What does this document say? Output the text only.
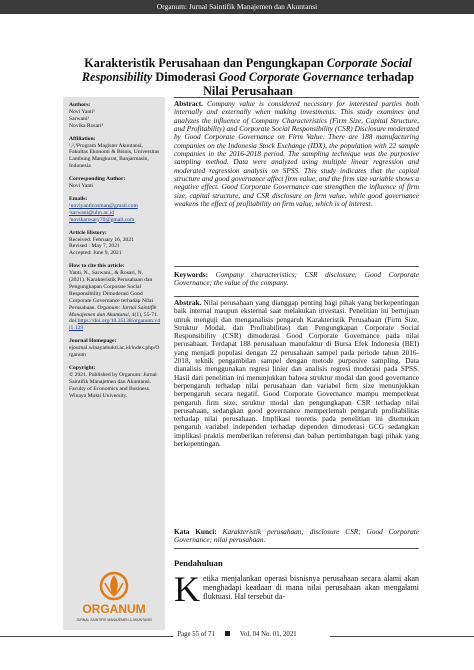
Organum: Jurnal Saintifik Manajemen dan Akuntansi
Karakteristik Perusahaan dan Pengungkapan Corporate Social Responsibility Dimoderasi Good Corporate Governance terhadap Nilai Perusahaan
Authors:

Novi Yanti¹

Sarwani²

Novika Rosari³

Affiliation:

¹,²,³Program Magister Akuntansi, Fakultas Ekonomi & Bisnis, Universitas Lambung Mangkurat, Banjarmasin, Indonesia

Corresponding Author:

Novi Yanti

Emails:

¹noviyanticosman@gmail.com

²sarwani@ulm.ac.id

³novikarosary70@gmail.com

Article History:

Received: February 16, 2021

Revised : May 7, 2021

Accepted: June 9, 2021

How to cite this article:

Yanti, N., Sarwani., & Rosari, N. (2021). Karakteristik Perusahaan dan Pengungkapan Corporate Social Responsibility Dimoderasi Good Corporate Governance terhadap Nilai Perusahaan. Organum: Jurnal Saintifik Manajemen dan Akuntansi, 4(1), 55-71. doi:https://doi.org/10.35138/organum.v4i1.129

Journal Homepage:

ejournal.winayamukti.ac.id/index.php/Organum

Copyright:

© 2021. Published by Organum: Jurnal Saintifik Manajemen dan Akuntansi. Faculty of Economics and Business. Winaya Mukti University.

ORGANUM
JURNAL SAINTIFIK MANAJEMEN & AKUNTANSI
Abstract. Company value is considered necessary for interested parties both internally and externally when making investments. This study examines and analyzes the influence of Company Characteristics (Firm Size, Capital Structure, and Profitability) and Corporate Social Responsibility (CSR) Disclosure moderated by Good Corporate Governance on Firm Value. There are 188 manufacturing companies on the Indonesia Stock Exchange (IDX), the population with 22 sample companies in the 2016-2018 period. The sampling technique was the purposive sampling method. Data were analyzed using multiple linear regression and moderated regression analysis on SPSS. This study indicates that the capital structure and good governance affect firm value, and the firm size variable shows a negative effect. Good Corporate Governance can strengthen the influence of firm size, capital structure, and CSR disclosure on firm value, while good governance weakens the effect of profitability on firm value, which is of interest.
Keywords: Company characteristics; CSR disclosure; Good Corporate Governance; the value of the company.
Abstrak. Nilai perusahaan yang dianggap penting bagi pihak yang berkepentingan baik internal maupun eksternal saat melakukan investasi. Penelitian ini bertujuan untuk menguji dan menganalisis pengaruh Karakteristik Perusahaan (Firm Size, Struktur Modal, dan Profitabilitas) dan Pengungkapan Corporate Social Responsibility (CSR) dimoderasi Good Corporate Governance pada nilai perusahaan. Terdapat 188 perusahaan manufaktur di Bursa Efek Indonesia (BEI) yang menjadi populasi dengan 22 perusahaan sampel pada periode tahun 2016-2018, teknik pengambilan sampel dengan metode purposive sampling. Data dianalisis menggunakan regresi linier dan analisis regresi moderasi pada SPSS. Hasil dari penelitian ini menunjukkan bahwa struktur modal dan good governance berpengaruh terhadap nilai perusahaan dan variabel firm size menunjukkan berpengaruh secara negatif. Good Corporate Governance mampu memperkuat pengaruh firm size, struktur modal dan pengungkapan CSR terhadap nilai perusahaan, sedangkan good governance memperlemah pengaruh profitabilitas terhadap nilai perusahaan. Implikasi teoretis pada penelitian ini ditemukan pengaruh variabel independen terhadap dependen dimoderasi GCG sedangkan implikasi praktis memberikan referensi dan bahan pertimbangan bagi pihak yang berkepentingan.
Kata Kunci: Karakteristik perusahaan; disclosure CSR; Good Corporate Governance; nilai perusahaan.
Pendahuluan
Ketika menjalankan operasi bisnisnya perusahaan secara alami akan menghadapi keadaan di mana nilai perusahaan akan mengalami fluktuasi. Hal tersebut da-
Page 55 of 71	Vol. 04 No. 01, 2021
